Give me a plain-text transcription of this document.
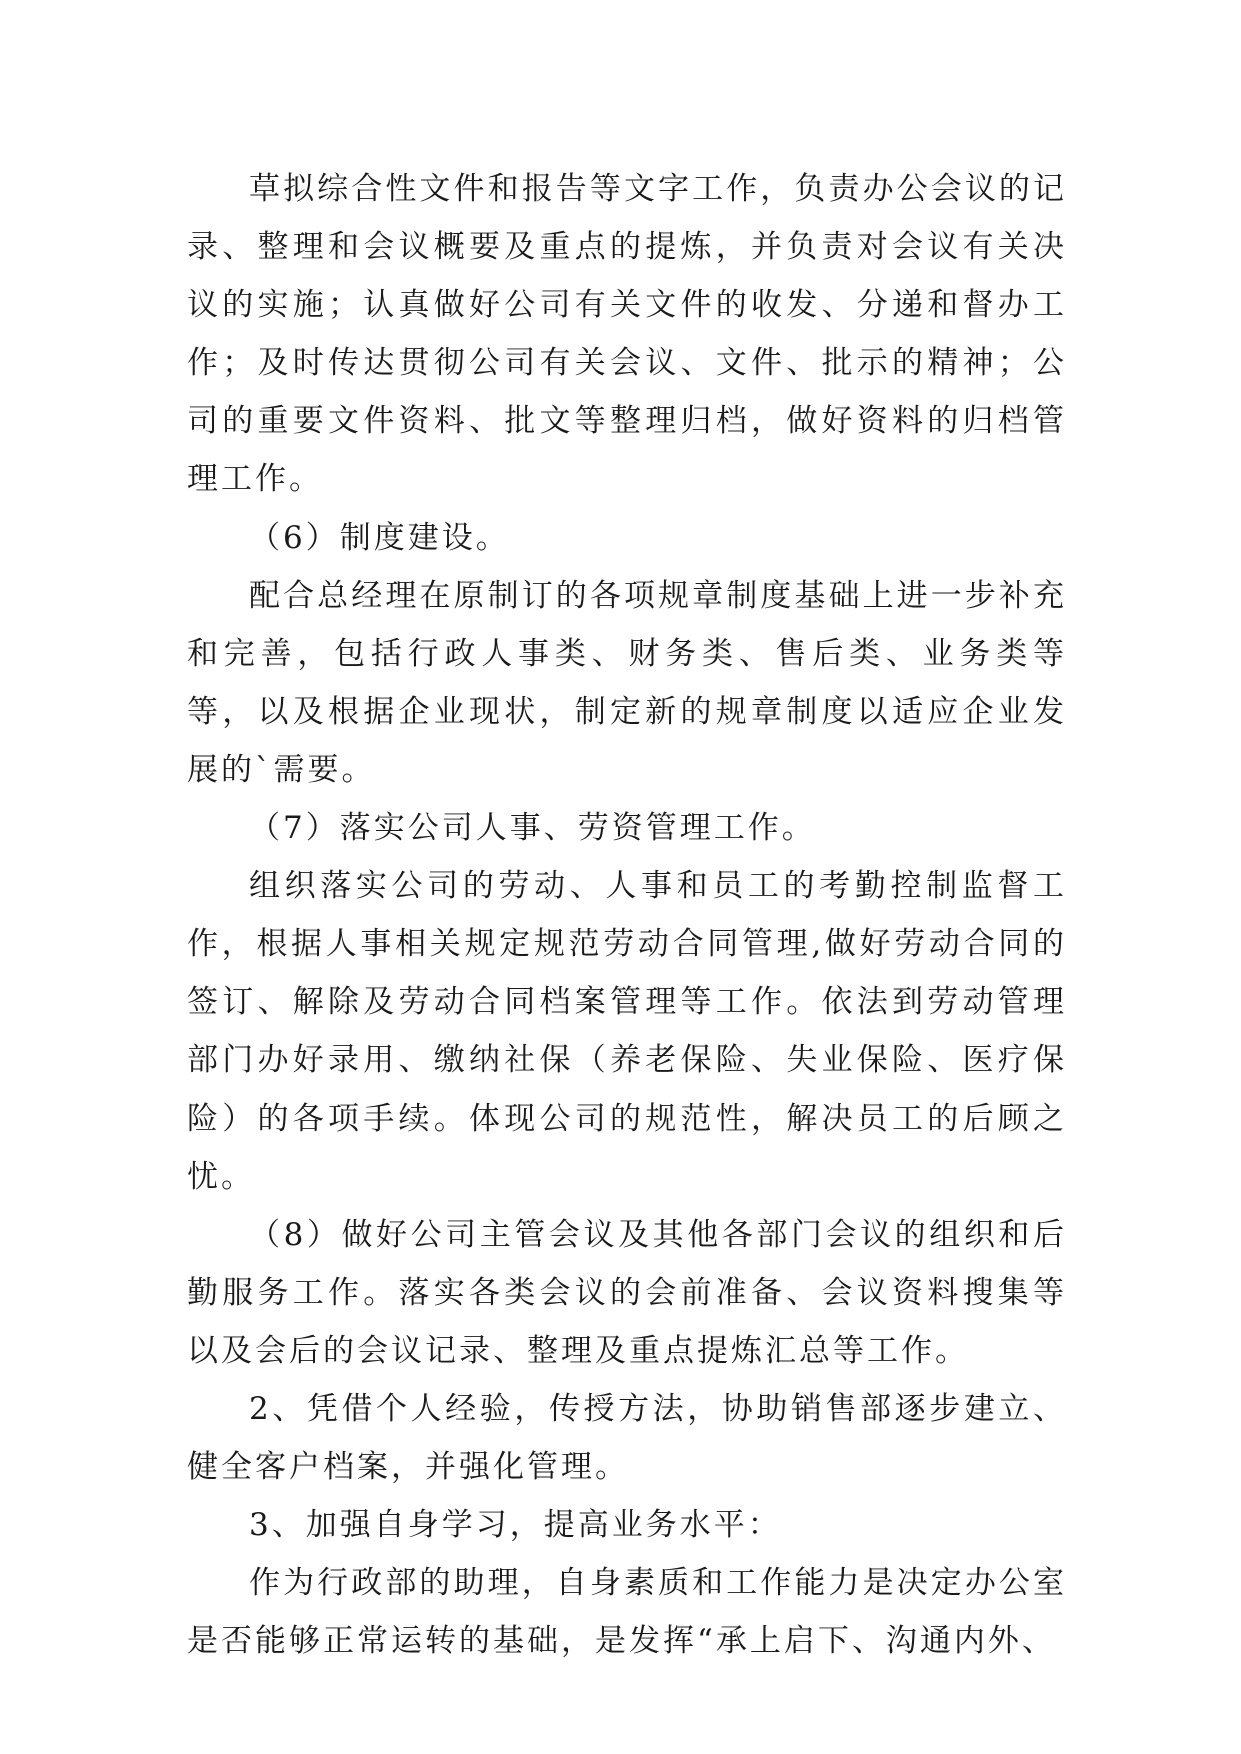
草拟综合性文件和报告等文字工作，负责办公会议的记录、整理和会议概要及重点的提炼，并负责对会议有关决议的实施；认真做好公司有关文件的收发、分递和督办工作；及时传达贯彻公司有关会议、文件、批示的精神；公司的重要文件资料、批文等整理归档，做好资料的归档管理工作。

（6）制度建设。

配合总经理在原制订的各项规章制度基础上进一步补充和完善，包括行政人事类、财务类、售后类、业务类等等，以及根据企业现状，制定新的规章制度以适应企业发展的`需要。

（7）落实公司人事、劳资管理工作。

组织落实公司的劳动、人事和员工的考勤控制监督工作，根据人事相关规定规范劳动合同管理,做好劳动合同的签订、解除及劳动合同档案管理等工作。依法到劳动管理部门办好录用、缴纳社保（养老保险、失业保险、医疗保险）的各项手续。体现公司的规范性，解决员工的后顾之忧。

（8）做好公司主管会议及其他各部门会议的组织和后勤服务工作。落实各类会议的会前准备、会议资料搜集等以及会后的会议记录、整理及重点提炼汇总等工作。

2、凭借个人经验，传授方法，协助销售部逐步建立、健全客户档案，并强化管理。

3、加强自身学习，提高业务水平：

作为行政部的助理，自身素质和工作能力是决定办公室是否能够正常运转的基础，是发挥“承上启下、沟通内外、
